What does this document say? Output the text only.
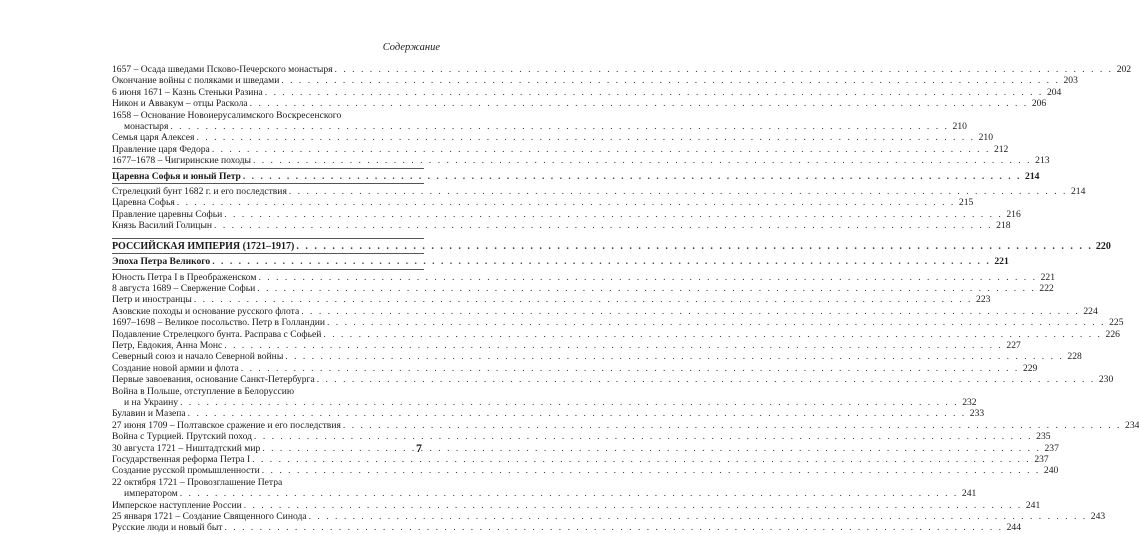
Содержание
1657 – Осада шведами Псково-Печерского монастыря . . .	202
Окончание войны с поляками и шведами . . .	203
6 июня 1671 – Казнь Стеньки Разина . . .	204
Никон и Аввакум – отцы Раскола . . .	206
1658 – Основание Новоиерусалимского Воскресенского
монастыря . . .	210
Семья царя Алексея . . .	210
Правление царя Федора . . .	212
1677–1678 – Чигиринские походы . . .	213
Царевна Софья и юный Петр . . .	214
Стрелецкий бунт 1682 г. и его последствия . . .	214
Царевна Софья . . .	215
Правление царевны Софьи . . .	216
Князь Василий Голицын . . .	218
РОССИЙСКАЯ ИМПЕРИЯ (1721–1917) . . .	220
Эпоха Петра Великого . . .	221
Юность Петра I в Преображенском . . .	221
8 августа 1689 – Свержение Софьи . . .	222
Петр и иностранцы . . .	223
Азовские походы и основание русского флота . . .	224
1697–1698 – Великое посольство. Петр в Голландии . . .	225
Подавление Стрелецкого бунта. Расправа с Софьей . . .	226
Петр, Евдокия, Анна Монс . . .	227
Северный союз и начало Северной войны . . .	228
Создание новой армии и флота . . .	229
Первые завоевания, основание Санкт-Петербурга . . .	230
Война в Польше, отступление в Белоруссию
и на Украину . . .	232
Булавин и Мазепа . . .	233
27 июня 1709 – Полтавское сражение и его последствия . . .	234
Война с Турцией. Прутский поход . . .	235
30 августа 1721 – Ништадтский мир . . .	237
Государственная реформа Петра I . . .	237
Создание русской промышленности . . .	240
22 октября 1721 – Провозглашение Петра
императором . . .	241
Имперское наступление России . . .	241
25 января 1721 – Создание Священного Синода . . .	243
Русские люди и новый быт . . .	244
7
